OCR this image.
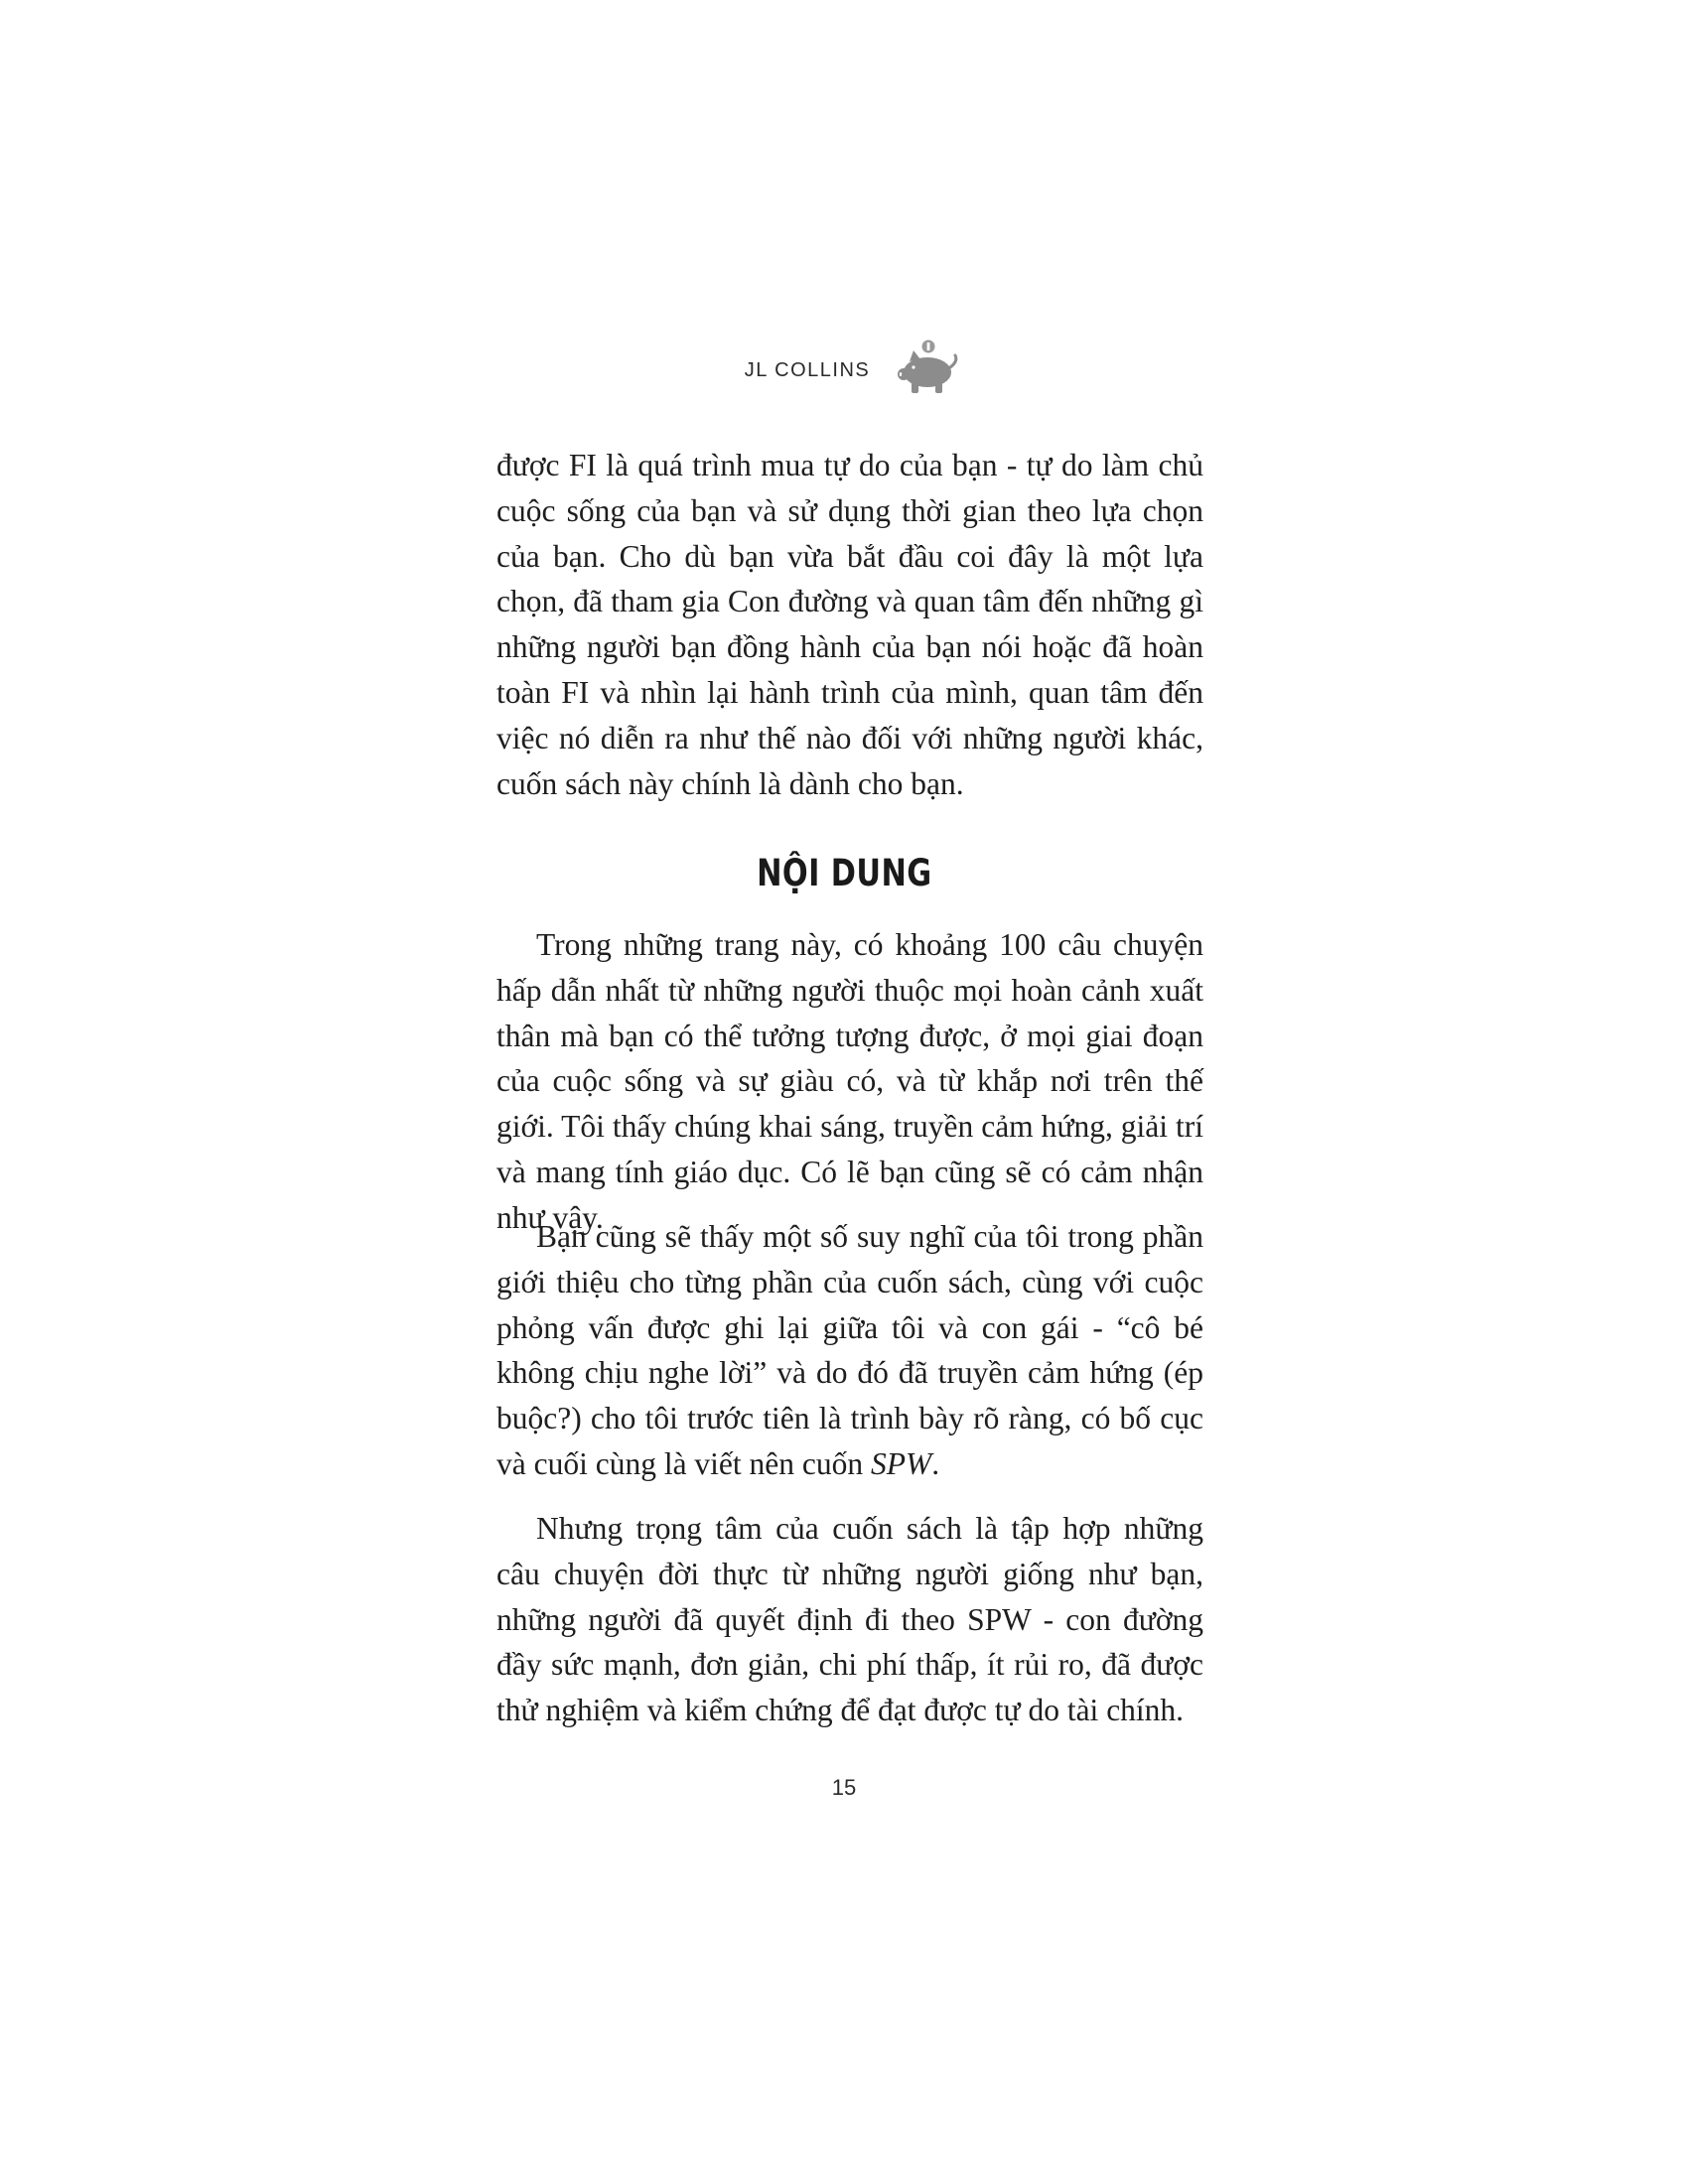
JL COLLINS

được FI là quá trình mua tự do của bạn - tự do làm chủ cuộc sống của bạn và sử dụng thời gian theo lựa chọn của bạn. Cho dù bạn vừa bắt đầu coi đây là một lựa chọn, đã tham gia Con đường và quan tâm đến những gì những người bạn đồng hành của bạn nói hoặc đã hoàn toàn FI và nhìn lại hành trình của mình, quan tâm đến việc nó diễn ra như thế nào đối với những người khác, cuốn sách này chính là dành cho bạn.

NỘI DUNG

Trong những trang này, có khoảng 100 câu chuyện hấp dẫn nhất từ những người thuộc mọi hoàn cảnh xuất thân mà bạn có thể tưởng tượng được, ở mọi giai đoạn của cuộc sống và sự giàu có, và từ khắp nơi trên thế giới. Tôi thấy chúng khai sáng, truyền cảm hứng, giải trí và mang tính giáo dục. Có lẽ bạn cũng sẽ có cảm nhận như vậy.

Bạn cũng sẽ thấy một số suy nghĩ của tôi trong phần giới thiệu cho từng phần của cuốn sách, cùng với cuộc phỏng vấn được ghi lại giữa tôi và con gái - “cô bé không chịu nghe lời” và do đó đã truyền cảm hứng (ép buộc?) cho tôi trước tiên là trình bày rõ ràng, có bố cục và cuối cùng là viết nên cuốn SPW.

Nhưng trọng tâm của cuốn sách là tập hợp những câu chuyện đời thực từ những người giống như bạn, những người đã quyết định đi theo SPW - con đường đầy sức mạnh, đơn giản, chi phí thấp, ít rủi ro, đã được thử nghiệm và kiểm chứng để đạt được tự do tài chính.

15
